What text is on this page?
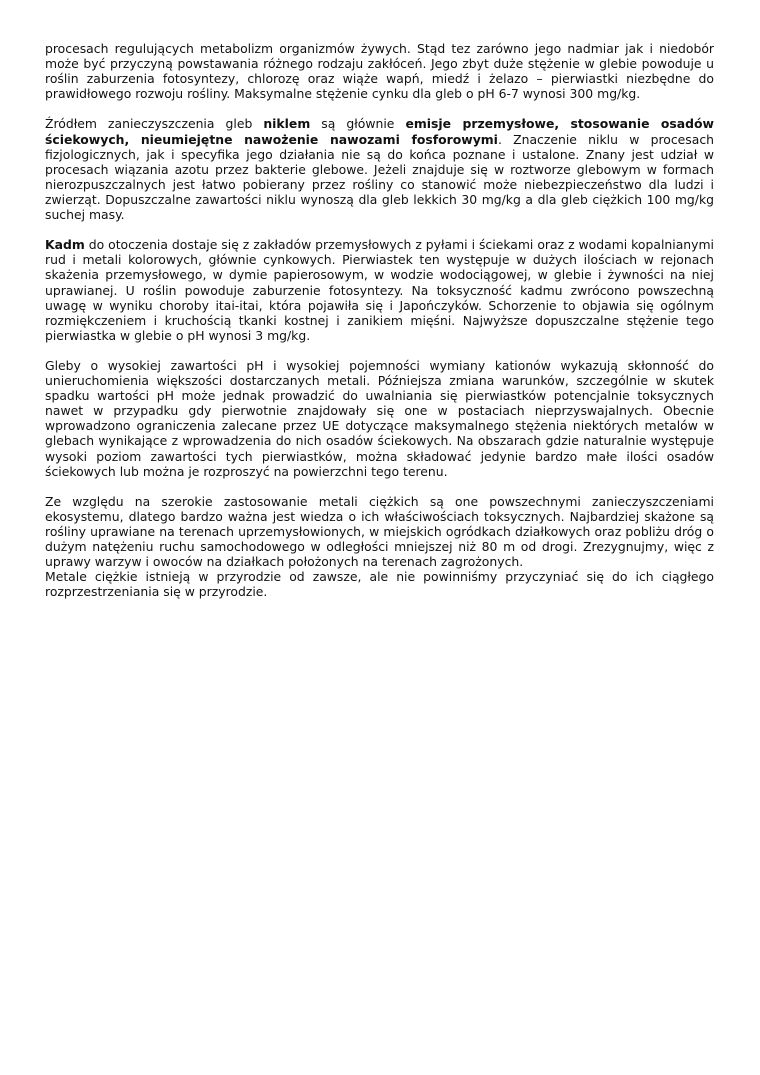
procesach regulujących metabolizm organizmów żywych. Stąd tez zarówno jego nadmiar jak i niedobór może być przyczyną powstawania różnego rodzaju zakłóceń. Jego zbyt duże stężenie w glebie powoduje u roślin zaburzenia fotosyntezy, chlorozę oraz wiąże wapń, miedź i żelazo – pierwiastki niezbędne do prawidłowego rozwoju rośliny. Maksymalne stężenie cynku dla gleb o pH 6-7 wynosi 300 mg/kg.

Źródłem zanieczyszczenia gleb niklem są głównie emisje przemysłowe, stosowanie osadów ściekowych, nieumiejętne nawożenie nawozami fosforowymi. Znaczenie niklu w procesach fizjologicznych, jak i specyfika jego działania nie są do końca poznane i ustalone. Znany jest udział w procesach wiązania azotu przez bakterie glebowe. Jeżeli znajduje się w roztworze glebowym w formach nierozpuszczalnych jest łatwo pobierany przez rośliny co stanowić może niebezpieczeństwo dla ludzi i zwierząt. Dopuszczalne zawartości niklu wynoszą dla gleb lekkich 30 mg/kg a dla gleb ciężkich 100 mg/kg suchej masy.

Kadm do otoczenia dostaje się z zakładów przemysłowych z pyłami i ściekami oraz z wodami kopalnianymi rud i metali kolorowych, głównie cynkowych. Pierwiastek ten występuje w dużych ilościach w rejonach skażenia przemysłowego, w dymie papierosowym, w wodzie wodociągowej, w glebie i żywności na niej uprawianej. U roślin powoduje zaburzenie fotosyntezy. Na toksyczność kadmu zwrócono powszechną uwagę w wyniku choroby itai-itai, która pojawiła się i Japończyków. Schorzenie to objawia się ogólnym rozmiękczeniem i kruchością tkanki kostnej i zanikiem mięśni. Najwyższe dopuszczalne stężenie tego pierwiastka w glebie o pH wynosi 3 mg/kg.

Gleby o wysokiej zawartości pH i wysokiej pojemności wymiany kationów wykazują skłonność do unieruchomienia większości dostarczanych metali. Późniejsza zmiana warunków, szczególnie w skutek spadku wartości pH może jednak prowadzić do uwalniania się pierwiastków potencjalnie toksycznych nawet w przypadku gdy pierwotnie znajdowały się one w postaciach nieprzyswajalnych. Obecnie wprowadzono ograniczenia zalecane przez UE dotyczące maksymalnego stężenia niektórych metalów w glebach wynikające z wprowadzenia do nich osadów ściekowych. Na obszarach gdzie naturalnie występuje wysoki poziom zawartości tych pierwiastków, można składować jedynie bardzo małe ilości osadów ściekowych lub można je rozproszyć na powierzchni tego terenu.

Ze względu na szerokie zastosowanie metali ciężkich są one powszechnymi zanieczyszczeniami ekosystemu, dlatego bardzo ważna jest wiedza o ich właściwościach toksycznych. Najbardziej skażone są rośliny uprawiane na terenach uprzemysłowionych, w miejskich ogródkach działkowych oraz pobliżu dróg o dużym natężeniu ruchu samochodowego w odległości mniejszej niż 80 m od drogi. Zrezygnujmy, więc z uprawy warzyw i owoców na działkach położonych na terenach zagrożonych.

Metale ciężkie istnieją w przyrodzie od zawsze, ale nie powinniśmy przyczyniać się do ich ciągłego rozprzestrzeniania się w przyrodzie.
